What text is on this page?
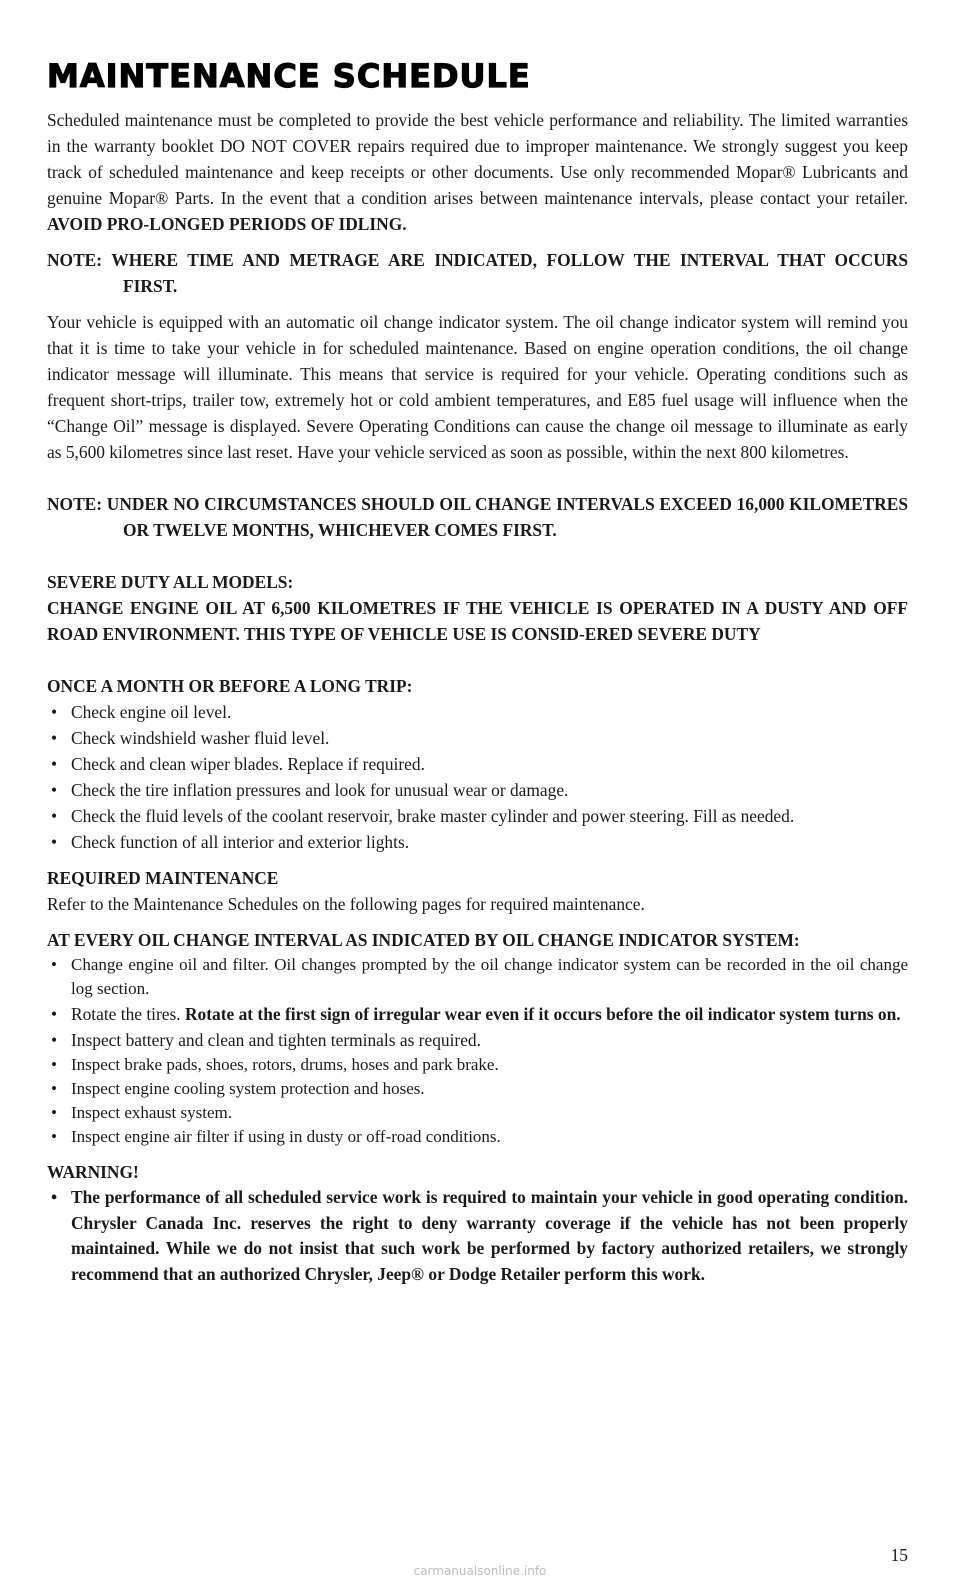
MAINTENANCE SCHEDULE

Scheduled maintenance must be completed to provide the best vehicle performance and reliability. The limited warranties in the warranty booklet DO NOT COVER repairs required due to improper maintenance. We strongly suggest you keep track of scheduled maintenance and keep receipts or other documents. Use only recommended Mopar® Lubricants and genuine Mopar® Parts. In the event that a condition arises between maintenance intervals, please contact your retailer. AVOID PRO-LONGED PERIODS OF IDLING.

NOTE: WHERE TIME AND METRAGE ARE INDICATED, FOLLOW THE INTERVAL THAT OCCURS FIRST.

Your vehicle is equipped with an automatic oil change indicator system. The oil change indicator system will remind you that it is time to take your vehicle in for scheduled maintenance. Based on engine operation conditions, the oil change indicator message will illuminate. This means that service is required for your vehicle. Operating conditions such as frequent short-trips, trailer tow, extremely hot or cold ambient temperatures, and E85 fuel usage will influence when the “Change Oil” message is displayed. Severe Operating Conditions can cause the change oil message to illuminate as early as 5,600 kilometres since last reset. Have your vehicle serviced as soon as possible, within the next 800 kilometres.

NOTE: UNDER NO CIRCUMSTANCES SHOULD OIL CHANGE INTERVALS EXCEED 16,000 KILOMETRES OR TWELVE MONTHS, WHICHEVER COMES FIRST.

SEVERE DUTY ALL MODELS:

CHANGE ENGINE OIL AT 6,500 KILOMETRES IF THE VEHICLE IS OPERATED IN A DUSTY AND OFF ROAD ENVIRONMENT. THIS TYPE OF VEHICLE USE IS CONSID-ERED SEVERE DUTY

ONCE A MONTH OR BEFORE A LONG TRIP:

• Check engine oil level.
• Check windshield washer fluid level.
• Check and clean wiper blades. Replace if required.
• Check the tire inflation pressures and look for unusual wear or damage.
• Check the fluid levels of the coolant reservoir, brake master cylinder and power steering. Fill as needed.
• Check function of all interior and exterior lights.

REQUIRED MAINTENANCE

Refer to the Maintenance Schedules on the following pages for required maintenance.

AT EVERY OIL CHANGE INTERVAL AS INDICATED BY OIL CHANGE INDICATOR SYSTEM:

• Change engine oil and filter. Oil changes prompted by the oil change indicator system can be recorded in the oil change log section.
• Rotate the tires. Rotate at the first sign of irregular wear even if it occurs before the oil indicator system turns on.
• Inspect battery and clean and tighten terminals as required.
• Inspect brake pads, shoes, rotors, drums, hoses and park brake.
• Inspect engine cooling system protection and hoses.
• Inspect exhaust system.
• Inspect engine air filter if using in dusty or off-road conditions.

WARNING!

• The performance of all scheduled service work is required to maintain your vehicle in good operating condition. Chrysler Canada Inc. reserves the right to deny warranty coverage if the vehicle has not been properly maintained. While we do not insist that such work be performed by factory authorized retailers, we strongly recommend that an authorized Chrysler, Jeep® or Dodge Retailer perform this work.
15
carmanualsonline.info
